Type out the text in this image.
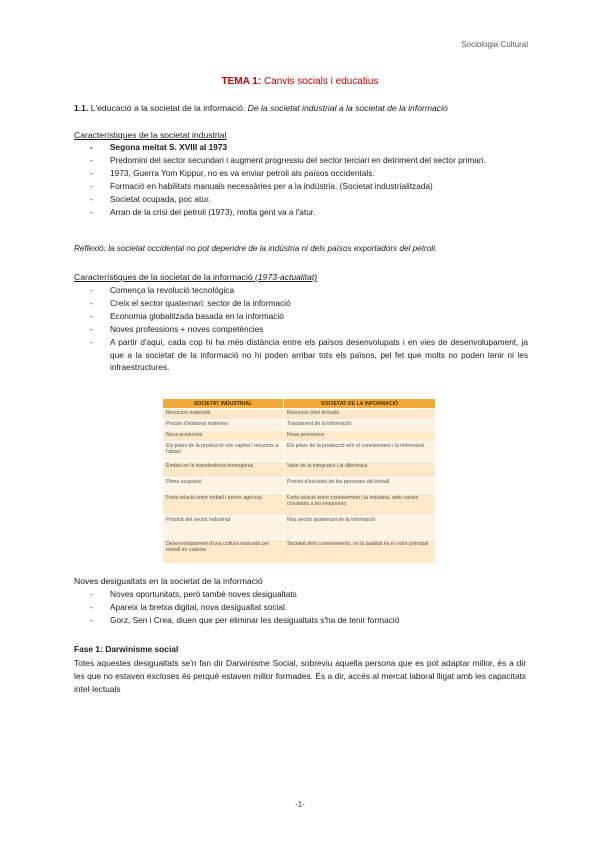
Sociologia Cultural
TEMA 1: Canvis socials i educatius
1.1. L'educació a la societat de la informació. De la societat industrial a la societat de la informació
Característiques de la societat industrial
- Segona meitat S. XVIII al 1973
- Predomini del sector secundari i augment progressiu del sector terciari en detriment del sector primari.
- 1973, Guerra Yom Kippur, no es va enviar petroli als països occidentals.
- Formació en habilitats manuals necessàries per a la indústria. (Societat industrialitzada)
- Societat ocupada, poc atur.
- Arran de la crisi del petroli (1973), molta gent va a l'atur.
Reflexió: la societat occidental no pot dependre de la indústria ni dels països exportadors del petroli.
Característiques de la societat de la informació (1973-actualitat)
- Comença la revolució tecnològica
- Creix el sector quaternari: sector de la informació
- Economia globalitzada basada en la informació
- Noves professions + noves competències
- A partir d'aquí, cada cop hi ha més distància entre els països desenvolupats i en vies de desenvolupament, ja que a la societat de la informació no hi poden arribar tots els països, pel fet que molts no poden tenir ni les infraestructures.
SOCIETAT INDUSTRIAL	SOCIETAT DE LA INFORMACIÓ
Recursos materials	Recursos intel·lectuals
Procés d'elaborar matèries	Tractament de la informació
Nous productes	Nous processos
Els pilars de la producció són capital i recursos a l'abast	Els pilars de la producció són el coneixement i la informació
Èmfasi en la transferència homogènia	Valor de la integració i la diferència
Plena ocupació	Procés d'exclusió de les persones del treball
Forta relació entre treball i sector agrícola	Forta relació entre coneixement i la indústria, amb canvis constants a les empreses
Prioritat del sector industrial	Nou sector quaternari de la informació
Desenvolupament d'una cultura marcada pel treball en cadena	Societat dels coneixements, on la qualitat és el valor principal
Noves desigualtats en la societat de la informació
- Noves oportunitats, però també noves desigualtats
- Apareix la bretxa digital, nova desigualtat social.
- Gorz, Sen i Crea, diuen que per eliminar les desigualtats s'ha de tenir formació
Fase 1: Darwinisme social
Totes aquestes desigualtats se'n fan dir Darwinisme Social, sobreviu aquella persona que es pot adaptar millor, és a dir les que no estaven excloses és perquè estaven millor formades. És a dir, accés al mercat laboral lligat amb les capacitats intel·lectuals
-1-
